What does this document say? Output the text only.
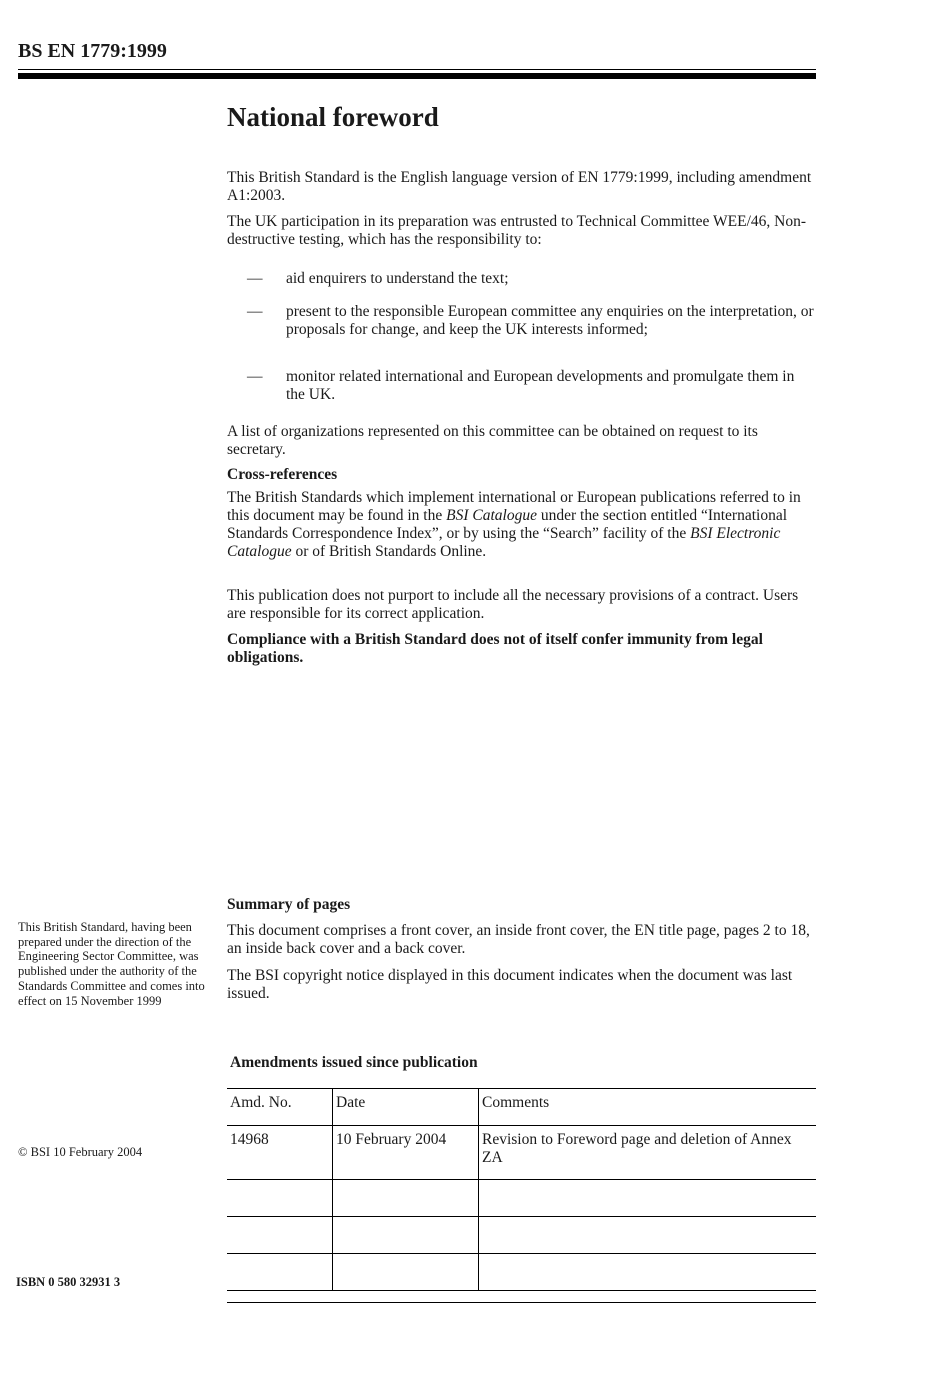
BS EN 1779:1999
National foreword

This British Standard is the English language version of EN 1779:1999, including amendment A1:2003.

The UK participation in its preparation was entrusted to Technical Committee WEE/46, Non-destructive testing, which has the responsibility to:

— aid enquirers to understand the text;
— present to the responsible European committee any enquiries on the interpretation, or proposals for change, and keep the UK interests informed;
— monitor related international and European developments and promulgate them in the UK.

A list of organizations represented on this committee can be obtained on request to its secretary.

Cross-references

The British Standards which implement international or European publications referred to in this document may be found in the BSI Catalogue under the section entitled “International Standards Correspondence Index”, or by using the “Search” facility of the BSI Electronic Catalogue or of British Standards Online.

This publication does not purport to include all the necessary provisions of a contract. Users are responsible for its correct application.

Compliance with a British Standard does not of itself confer immunity from legal obligations.

Summary of pages

This document comprises a front cover, an inside front cover, the EN title page, pages 2 to 18, an inside back cover and a back cover.

The BSI copyright notice displayed in this document indicates when the document was last issued.

This British Standard, having been prepared under the direction of the Engineering Sector Committee, was published under the authority of the Standards Committee and comes into effect on 15 November 1999
© BSI 10 February 2004
ISBN 0 580 32931 3
Amendments issued since publication
Amd. No.	Date	Comments
14968	10 February 2004	Revision to Foreword page and deletion of Annex ZA
